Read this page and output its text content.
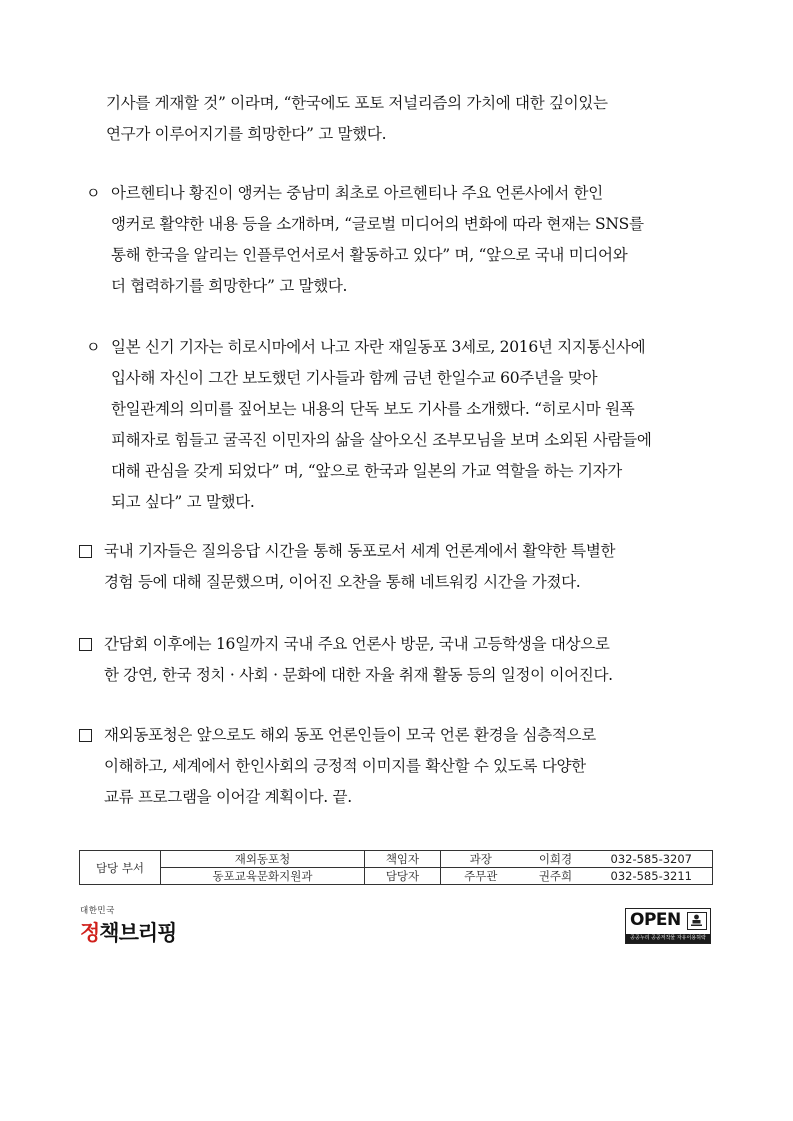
기사를 게재할 것” 이라며, “한국에도 포토 저널리즘의 가치에 대한 깊이있는
연구가 이루어지기를 희망한다” 고 말했다.
ㅇ 아르헨티나 황진이 앵커는 중남미 최초로 아르헨티나 주요 언론사에서 한인
앵커로 활약한 내용 등을 소개하며, “글로벌 미디어의 변화에 따라 현재는 SNS를
통해 한국을 알리는 인플루언서로서 활동하고 있다” 며, “앞으로 국내 미디어와
더 협력하기를 희망한다” 고 말했다.
ㅇ 일본 신기 기자는 히로시마에서 나고 자란 재일동포 3세로, 2016년 지지통신사에
입사해 자신이 그간 보도했던 기사들과 함께 금년 한일수교 60주년을 맞아
한일관계의 의미를 짚어보는 내용의 단독 보도 기사를 소개했다. “히로시마 원폭
피해자로 힘들고 굴곡진 이민자의 삶을 살아오신 조부모님을 보며 소외된 사람들에
대해 관심을 갖게 되었다” 며, “앞으로 한국과 일본의 가교 역할을 하는 기자가
되고 싶다” 고 말했다.
국내 기자들은 질의응답 시간을 통해 동포로서 세계 언론계에서 활약한 특별한
경험 등에 대해 질문했으며, 이어진 오찬을 통해 네트워킹 시간을 가졌다.
간담회 이후에는 16일까지 국내 주요 언론사 방문, 국내 고등학생을 대상으로
한 강연, 한국 정치 · 사회 · 문화에 대한 자율 취재 활동 등의 일정이 이어진다.
재외동포청은 앞으로도 해외 동포 언론인들이 모국 언론 환경을 심층적으로
이해하고, 세계에서 한인사회의 긍정적 이미지를 확산할 수 있도록 다양한
교류 프로그램을 이어갈 계획이다. 끝.
담당 부서	재외동포청	책임자	과장	이희경	032-585-3207
	동포교육문화지원과	담당자	주무관	권주희	032-585-3211
대한민국
정책브리핑
OPEN
공공누리 공공저작물 자유이용허락
